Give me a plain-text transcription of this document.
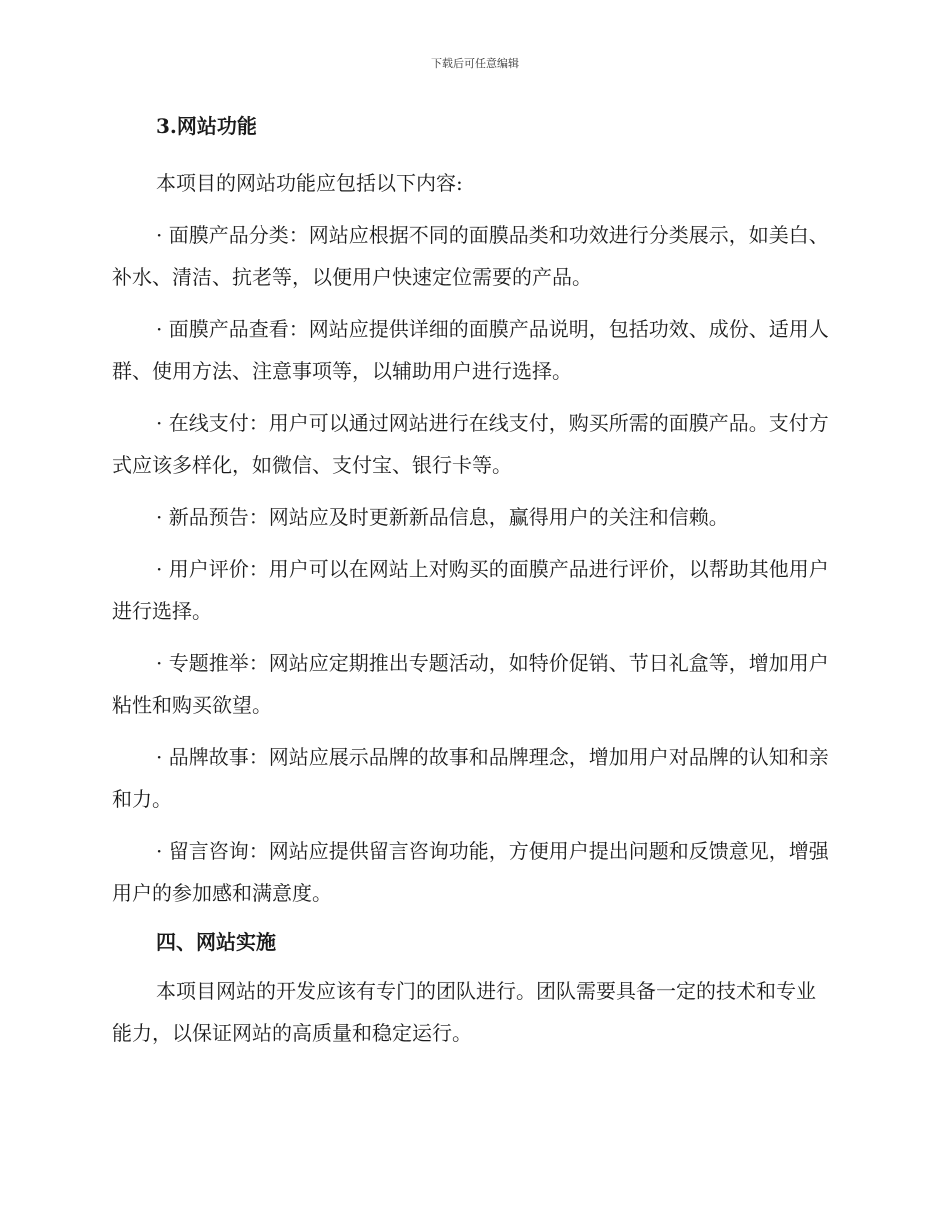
下载后可任意编辑
3.网站功能

本项目的网站功能应包括以下内容:

· 面膜产品分类：网站应根据不同的面膜品类和功效进行分类展示，如美白、补水、清洁、抗老等，以便用户快速定位需要的产品。

· 面膜产品查看：网站应提供详细的面膜产品说明，包括功效、成份、适用人群、使用方法、注意事项等，以辅助用户进行选择。

· 在线支付：用户可以通过网站进行在线支付，购买所需的面膜产品。支付方式应该多样化，如微信、支付宝、银行卡等。

· 新品预告：网站应及时更新新品信息，赢得用户的关注和信赖。

· 用户评价：用户可以在网站上对购买的面膜产品进行评价，以帮助其他用户进行选择。

· 专题推举：网站应定期推出专题活动，如特价促销、节日礼盒等，增加用户粘性和购买欲望。

· 品牌故事：网站应展示品牌的故事和品牌理念，增加用户对品牌的认知和亲和力。

· 留言咨询：网站应提供留言咨询功能，方便用户提出问题和反馈意见，增强用户的参加感和满意度。

四、网站实施

本项目网站的开发应该有专门的团队进行。团队需要具备一定的技术和专业能力，以保证网站的高质量和稳定运行。
